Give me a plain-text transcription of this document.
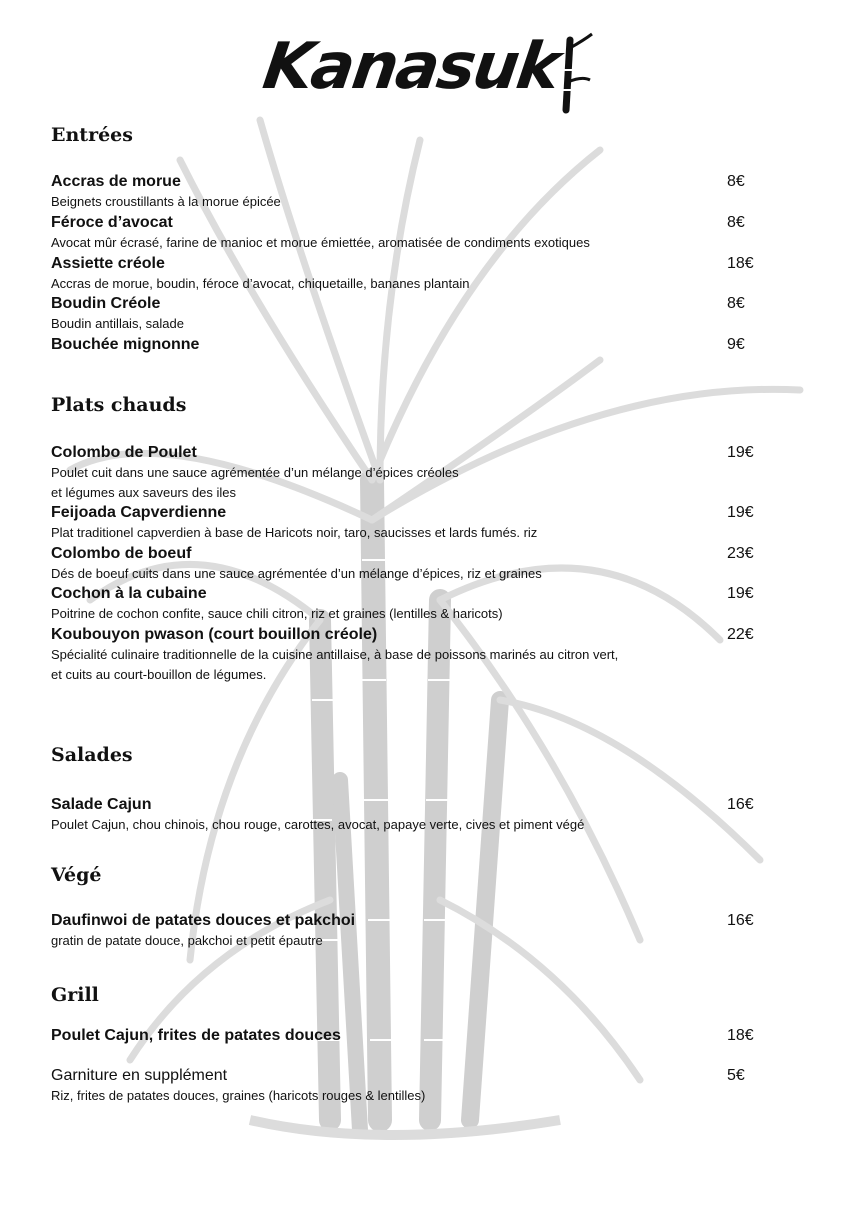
Kanasuk
Entrées
Accras de morue	8€
Beignets croustillants à la morue épicée
Féroce d’avocat	8€
Avocat mûr écrasé, farine de manioc et morue émiettée, aromatisée de condiments exotiques
Assiette créole	18€
Accras de morue, boudin, féroce d’avocat, chiquetaille, bananes plantain
Boudin Créole	8€
Boudin antillais, salade
Bouchée mignonne	9€
Plats chauds
Colombo de Poulet	19€
Poulet cuit dans une sauce agrémentée d’un mélange d’épices créoles
et légumes aux saveurs des iles
Feijoada Capverdienne	19€
Plat traditionel capverdien à base de Haricots noir, taro, saucisses et lards fumés. riz
Colombo de boeuf	23€
Dés de boeuf cuits dans une sauce agrémentée d’un mélange d’épices, riz et graines
Cochon à la cubaine	19€
Poitrine de cochon confite, sauce chili citron, riz et graines (lentilles & haricots)
Koubouyon pwason (court bouillon créole)	22€
Spécialité culinaire traditionnelle de la cuisine antillaise, à base de poissons marinés au citron vert,
et cuits au court-bouillon de légumes.
Salades
Salade Cajun	16€
Poulet Cajun, chou chinois, chou rouge, carottes, avocat, papaye verte, cives et piment végé
Végé
Daufinwoi de patates douces et pakchoi	16€
gratin de patate douce, pakchoi et petit épautre
Grill
Poulet Cajun, frites de patates douces	18€
Garniture en supplément	5€
Riz, frites de patates douces, graines (haricots rouges & lentilles)
